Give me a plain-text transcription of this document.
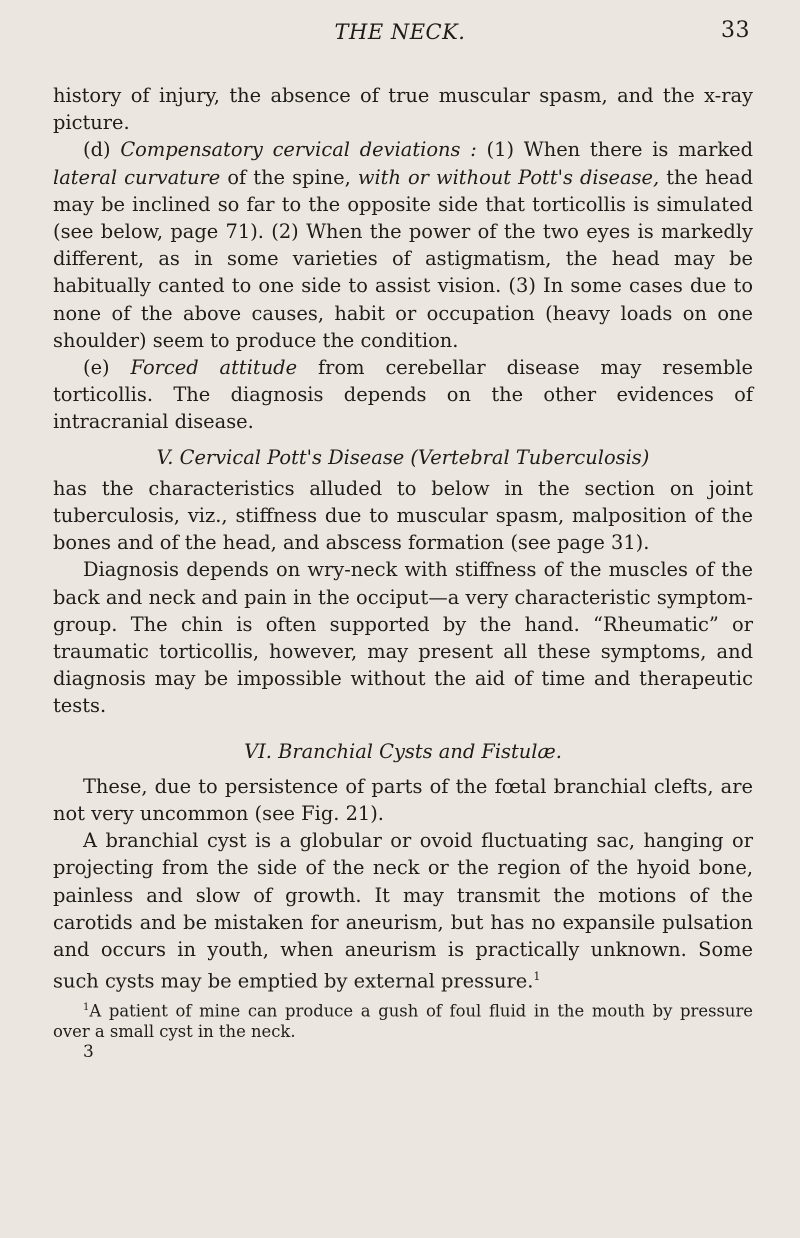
THE NECK.	33

history of injury, the absence of true muscular spasm, and the x-ray picture.

(d) Compensatory cervical deviations : (1) When there is marked lateral curvature of the spine, with or without Pott's disease, the head may be inclined so far to the opposite side that torticollis is simulated (see below, page 71). (2) When the power of the two eyes is markedly different, as in some varieties of astigmatism, the head may be habitually canted to one side to assist vision. (3) In some cases due to none of the above causes, habit or occupation (heavy loads on one shoulder) seem to produce the condition.

(e) Forced attitude from cerebellar disease may resemble torticollis. The diagnosis depends on the other evidences of intracranial disease.

V. Cervical Pott's Disease (Vertebral Tuberculosis)

has the characteristics alluded to below in the section on joint tuberculosis, viz., stiffness due to muscular spasm, malposition of the bones and of the head, and abscess formation (see page 31).

Diagnosis depends on wry-neck with stiffness of the muscles of the back and neck and pain in the occiput—a very characteristic symptom-group. The chin is often supported by the hand. “Rheumatic” or traumatic torticollis, however, may present all these symptoms, and diagnosis may be impossible without the aid of time and therapeutic tests.

VI. Branchial Cysts and Fistulæ.

These, due to persistence of parts of the fœtal branchial clefts, are not very uncommon (see Fig. 21).

A branchial cyst is a globular or ovoid fluctuating sac, hanging or projecting from the side of the neck or the region of the hyoid bone, painless and slow of growth. It may transmit the motions of the carotids and be mistaken for aneurism, but has no expansile pulsation and occurs in youth, when aneurism is practically unknown. Some such cysts may be emptied by external pressure.$^1$

$^1$A patient of mine can produce a gush of foul fluid in the mouth by pressure over a small cyst in the neck.

3
